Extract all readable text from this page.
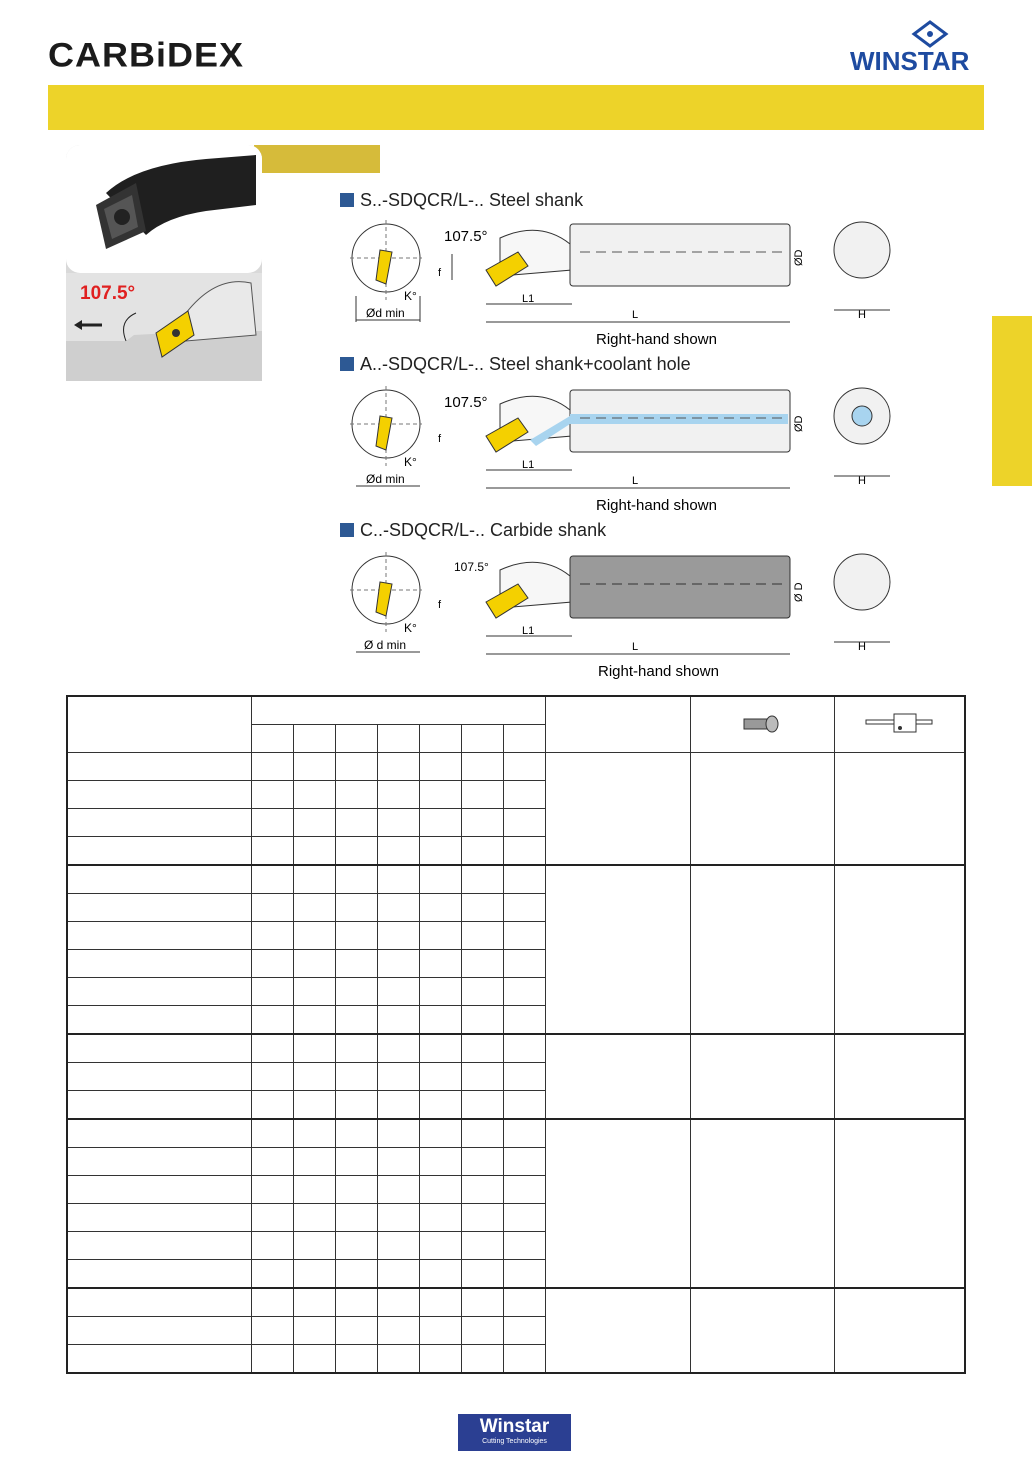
CARBiDEX	WINSTAR
107.5°
S..-SDQCR/L-.. Steel shank
A..-SDQCR/L-.. Steel shank+coolant hole
C..-SDQCR/L-.. Carbide shank
Ød min
K°
107.5°
f
L1
L
ØD
H
Right-hand shown
Ød min
K°
107.5°
f
L1
L
ØD
H
Right-hand shown
Ø d min
K°
107.5°
f
L1
L
Ø D
H
Right-hand shown

Winstar
Cutting Technologies
